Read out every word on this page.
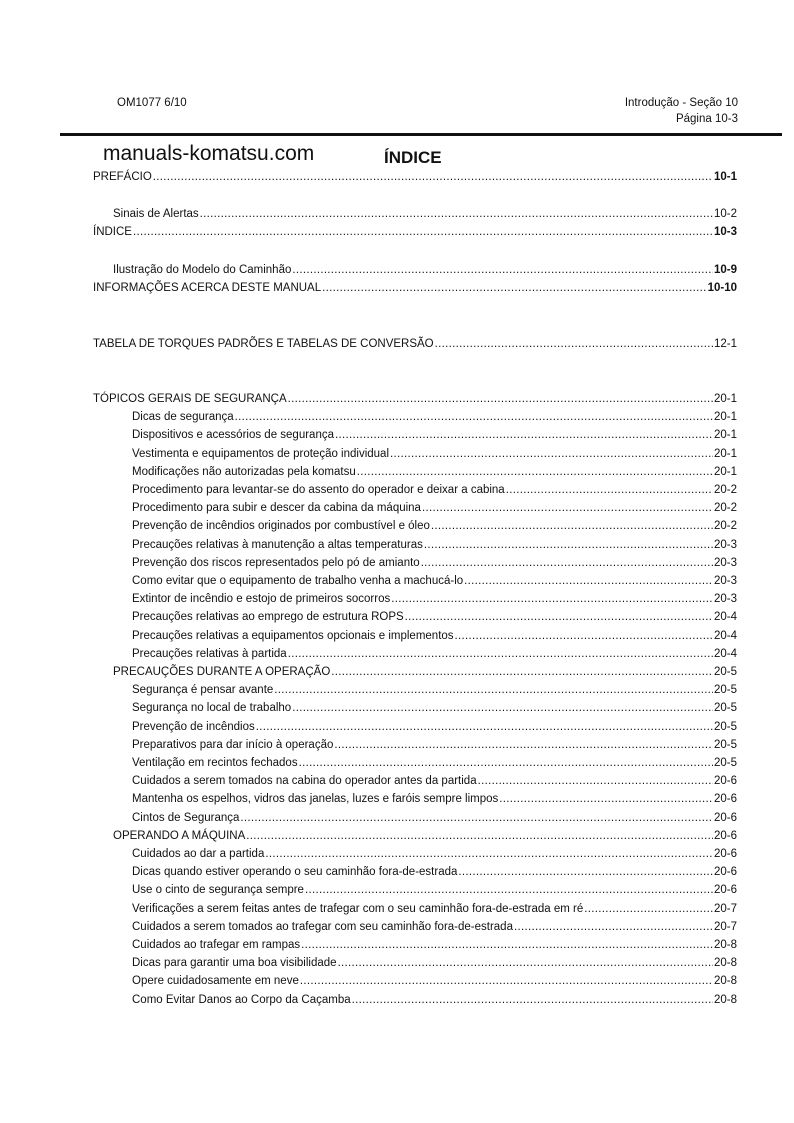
OM1077 6/10	Introdução - Seção 10
Página 10-3
manuals-komatsu.com	ÍNDICE
PREFÁCIO .....	10-1
Sinais de Alertas .....	10-2
ÍNDICE .....	10-3
Ilustração do Modelo do Caminhão .....	10-9
INFORMAÇÕES ACERCA DESTE MANUAL .....	10-10
TABELA DE TORQUES PADRÕES E TABELAS DE CONVERSÃO .....	12-1
TÓPICOS GERAIS DE SEGURANÇA .....	20-1
Dicas de segurança .....	20-1
Dispositivos e acessórios de segurança .....	20-1
Vestimenta e equipamentos de proteção individual .....	20-1
Modificações não autorizadas pela komatsu .....	20-1
Procedimento para levantar-se do assento do operador e deixar a cabina .....	20-2
Procedimento para subir e descer da cabina da máquina .....	20-2
Prevenção de incêndios originados por combustível e óleo .....	20-2
Precauções relativas à manutenção a altas temperaturas .....	20-3
Prevenção dos riscos representados pelo pó de amianto .....	20-3
Como evitar que o equipamento de trabalho venha a machucá-lo .....	20-3
Extintor de incêndio e estojo de primeiros socorros .....	20-3
Precauções relativas ao emprego de estrutura ROPS .....	20-4
Precauções relativas a equipamentos opcionais e implementos .....	20-4
Precauções relativas à partida .....	20-4
PRECAUÇÕES DURANTE A OPERAÇÃO .....	20-5
Segurança é pensar avante .....	20-5
Segurança no local de trabalho .....	20-5
Prevenção de incêndios .....	20-5
Preparativos para dar início à operação .....	20-5
Ventilação em recintos fechados .....	20-5
Cuidados a serem tomados na cabina do operador antes da partida .....	20-6
Mantenha os espelhos, vidros das janelas, luzes e faróis sempre limpos .....	20-6
Cintos de Segurança .....	20-6
OPERANDO A MÁQUINA .....	20-6
Cuidados ao dar a partida .....	20-6
Dicas quando estiver operando o seu caminhão fora-de-estrada .....	20-6
Use o cinto de segurança sempre .....	20-6
Verificações a serem feitas antes de trafegar com o seu caminhão fora-de-estrada em ré .....	20-7
Cuidados a serem tomados ao trafegar com seu caminhão fora-de-estrada .....	20-7
Cuidados ao trafegar em rampas .....	20-8
Dicas para garantir uma boa visibilidade .....	20-8
Opere cuidadosamente em neve .....	20-8
Como Evitar Danos ao Corpo da Caçamba .....	20-8
